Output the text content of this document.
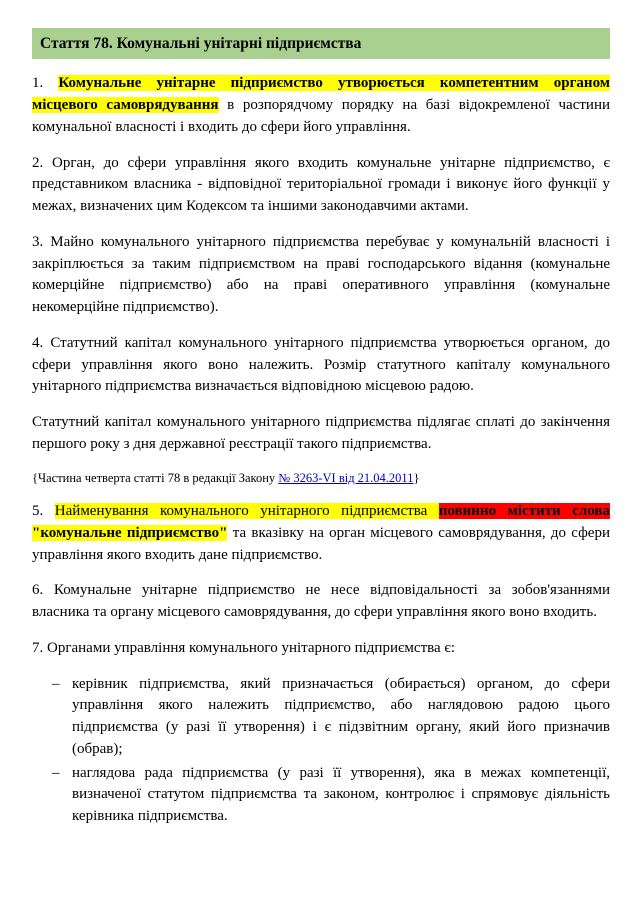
Стаття 78. Комунальні унітарні підприємства

1. Комунальне унітарне підприємство утворюється компетентним органом місцевого самоврядування в розпорядчому порядку на базі відокремленої частини комунальної власності і входить до сфери його управління.

2. Орган, до сфери управління якого входить комунальне унітарне підприємство, є представником власника - відповідної територіальної громади і виконує його функції у межах, визначених цим Кодексом та іншими законодавчими актами.

3. Майно комунального унітарного підприємства перебуває у комунальній власності і закріплюється за таким підприємством на праві господарського відання (комунальне комерційне підприємство) або на праві оперативного управління (комунальне некомерційне підприємство).

4. Статутний капітал комунального унітарного підприємства утворюється органом, до сфери управління якого воно належить. Розмір статутного капіталу комунального унітарного підприємства визначається відповідною місцевою радою.

Статутний капітал комунального унітарного підприємства підлягає сплаті до закінчення першого року з дня державної реєстрації такого підприємства.

{Частина четверта статті 78 в редакції Закону № 3263-VI від 21.04.2011}

5. Найменування комунального унітарного підприємства повинно містити слова "комунальне підприємство" та вказівку на орган місцевого самоврядування, до сфери управління якого входить дане підприємство.

6. Комунальне унітарне підприємство не несе відповідальності за зобов'язаннями власника та органу місцевого самоврядування, до сфери управління якого воно входить.

7. Органами управління комунального унітарного підприємства є:

– керівник підприємства, який призначається (обирається) органом, до сфери управління якого належить підприємство, або наглядовою радою цього підприємства (у разі її утворення) і є підзвітним органу, який його призначив (обрав);
– наглядова рада підприємства (у разі її утворення), яка в межах компетенції, визначеної статутом підприємства та законом, контролює і спрямовує діяльність керівника підприємства.
